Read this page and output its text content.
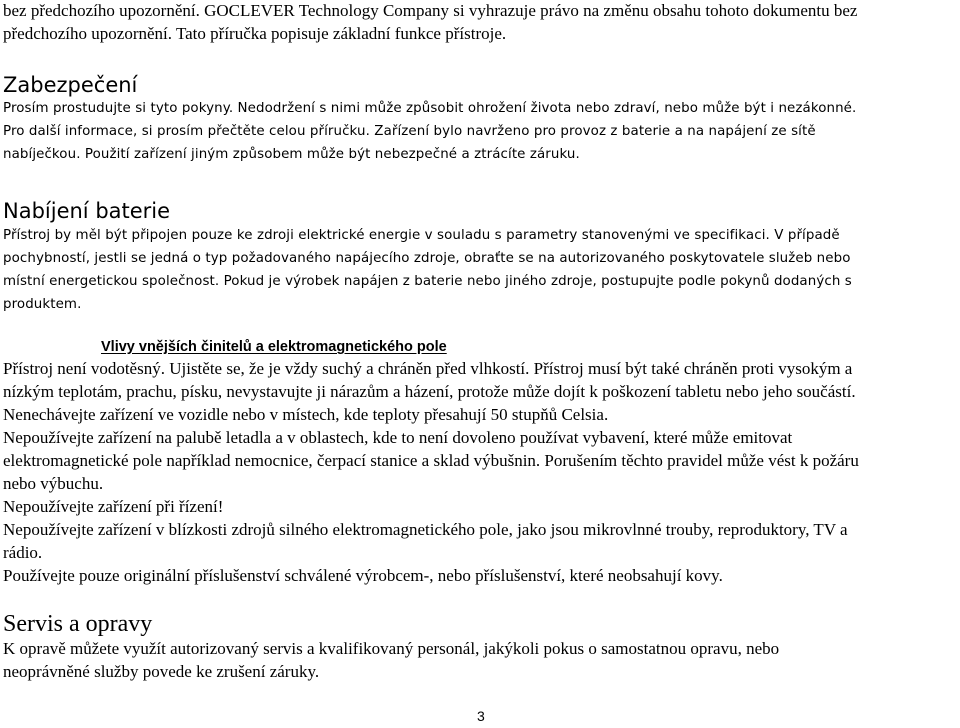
bez předchozího upozornění. GOCLEVER Technology Company si vyhrazuje právo na změnu obsahu tohoto dokumentu bez
předchozího upozornění. Tato příručka popisuje základní funkce přístroje.
Zabezpečení
Prosím prostudujte si tyto pokyny. Nedodržení s nimi může způsobit ohrožení života nebo zdraví, nebo může být i nezákonné.
Pro další informace, si prosím přečtěte celou příručku. Zařízení bylo navrženo pro provoz z baterie a na napájení ze sítě
nabíječkou. Použití zařízení jiným způsobem může být nebezpečné a ztrácíte záruku.
Nabíjení baterie
Přístroj by měl být připojen pouze ke zdroji elektrické energie v souladu s parametry stanovenými ve specifikaci. V případě
pochybností, jestli se jedná o typ požadovaného napájecího zdroje, obraťte se na autorizovaného poskytovatele služeb nebo
místní energetickou společnost. Pokud je výrobek napájen z baterie nebo jiného zdroje, postupujte podle pokynů dodaných s
produktem.
Vlivy vnějších činitelů a elektromagnetického pole
Přístroj není vodotěsný. Ujistěte se, že je vždy suchý a chráněn před vlhkostí. Přístroj musí být také chráněn proti vysokým a
nízkým teplotám, prachu, písku, nevystavujte ji nárazům a házení, protože může dojít k poškození tabletu nebo jeho součástí.
Nenechávejte zařízení ve vozidle nebo v místech, kde teploty přesahují 50 stupňů Celsia.
Nepoužívejte zařízení na palubě letadla a v oblastech, kde to není dovoleno používat vybavení, které může emitovat
elektromagnetické pole například nemocnice, čerpací stanice a sklad výbušnin. Porušením těchto pravidel může vést k požáru
nebo výbuchu.
Nepoužívejte zařízení při řízení!
Nepoužívejte zařízení v blízkosti zdrojů silného elektromagnetického pole, jako jsou mikrovlnné trouby, reproduktory, TV a
rádio.
Používejte pouze originální příslušenství schválené výrobcem-, nebo příslušenství, které neobsahují kovy.
Servis a opravy
K opravě můžete využít autorizovaný servis a kvalifikovaný personál, jakýkoli pokus o samostatnou opravu, nebo
neoprávněné služby povede ke zrušení záruky.
3
